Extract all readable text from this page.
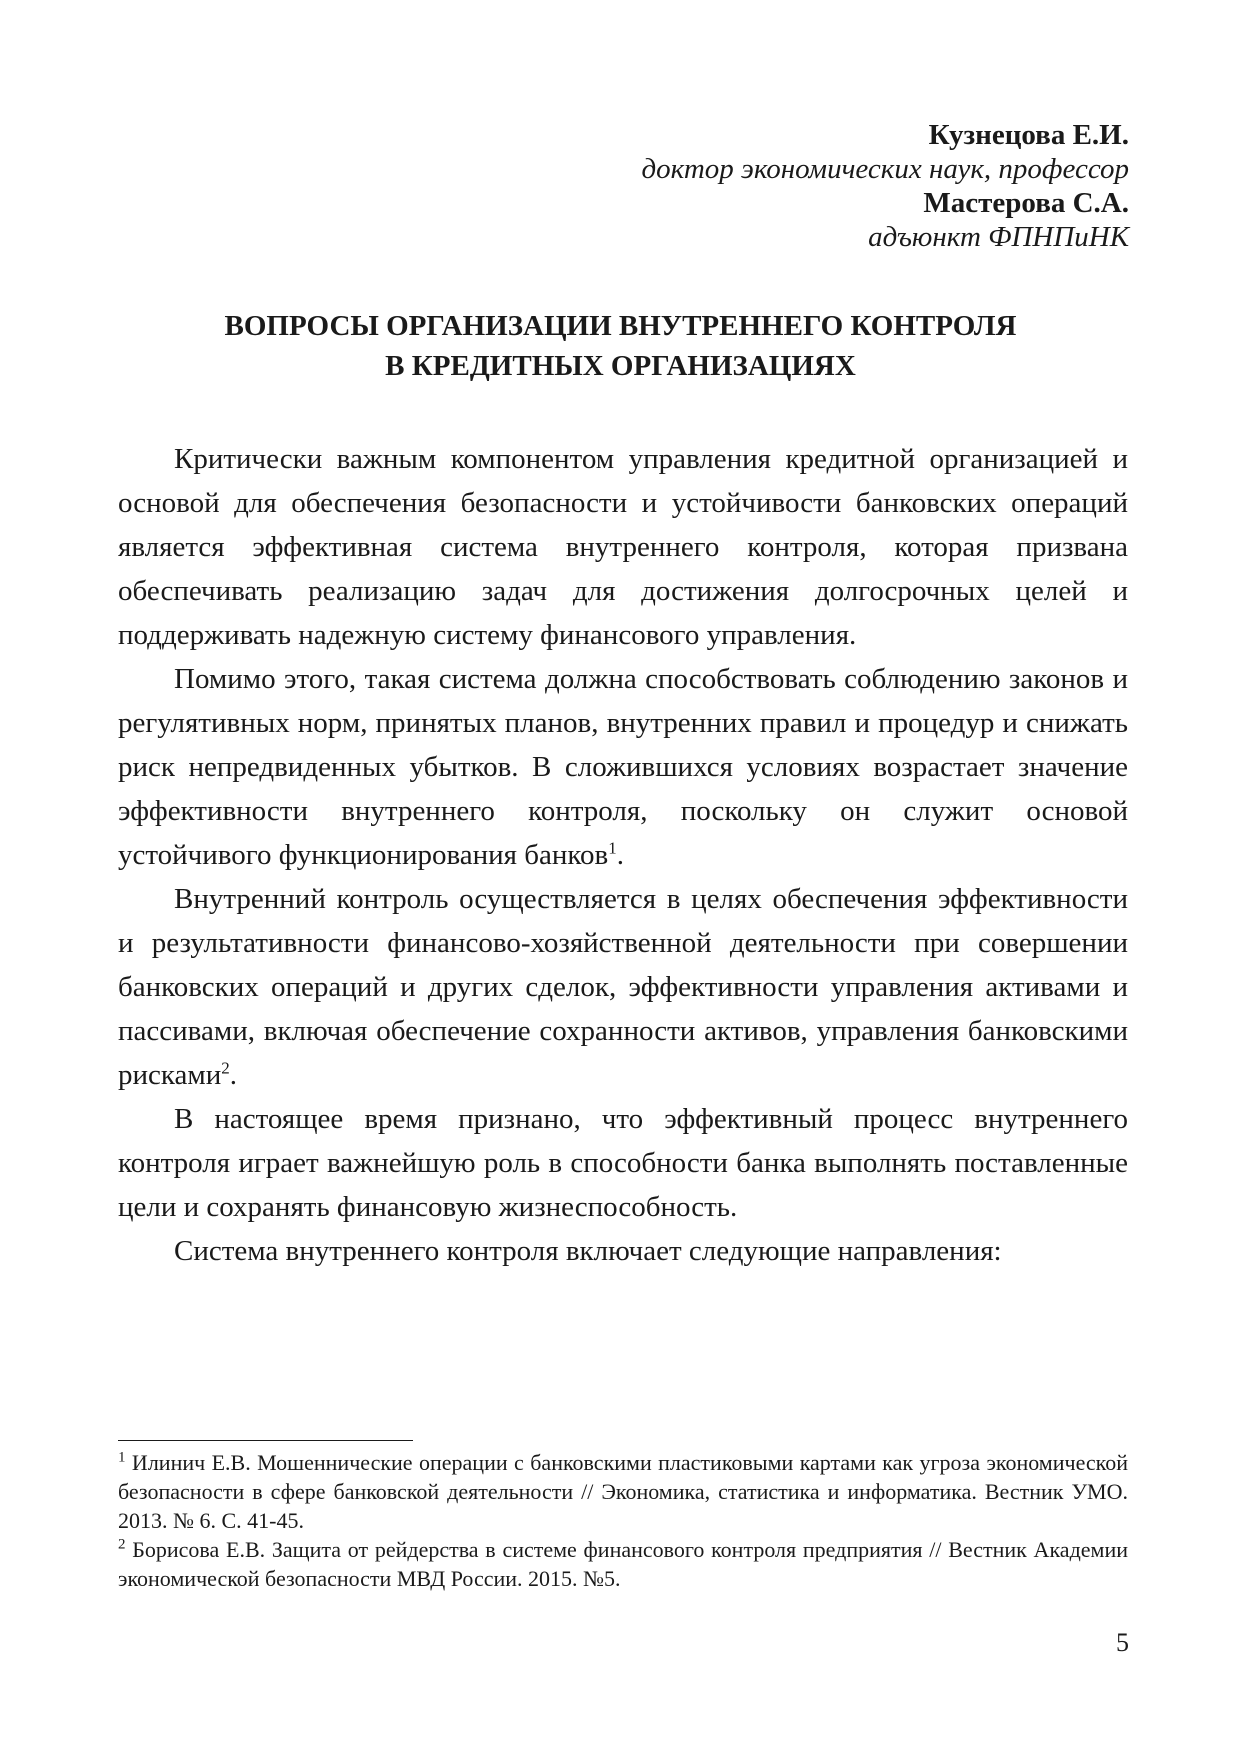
Кузнецова Е.И.
доктор экономических наук, профессор
Мастерова С.А.
адъюнкт ФПНПиНК
ВОПРОСЫ ОРГАНИЗАЦИИ ВНУТРЕННЕГО КОНТРОЛЯ
В КРЕДИТНЫХ ОРГАНИЗАЦИЯХ

Критически важным компонентом управления кредитной организацией и основой для обеспечения безопасности и устойчивости банковских операций является эффективная система внутреннего контроля, которая призвана обеспечивать реализацию задач для достижения долгосрочных целей и поддерживать надежную систему финансового управления.

Помимо этого, такая система должна способствовать соблюдению законов и регулятивных норм, принятых планов, внутренних правил и процедур и снижать риск непредвиденных убытков. В сложившихся условиях возрастает значение эффективности внутреннего контроля, поскольку он служит основой устойчивого функционирования банков$^1$.

Внутренний контроль осуществляется в целях обеспечения эффективности и результативности финансово-хозяйственной деятельности при совершении банковских операций и других сделок, эффективности управления активами и пассивами, включая обеспечение сохранности активов, управления банковскими рисками$^2$.

В настоящее время признано, что эффективный процесс внутреннего контроля играет важнейшую роль в способности банка выполнять поставленные цели и сохранять финансовую жизнеспособность.

Система внутреннего контроля включает следующие направления:

$^1$ Илинич Е.В. Мошеннические операции с банковскими пластиковыми картами как угроза экономической безопасности в сфере банковской деятельности // Экономика, статистика и информатика. Вестник УМО. 2013. № 6. С. 41-45.

$^2$ Борисова Е.В. Защита от рейдерства в системе финансового контроля предприятия // Вестник Академии экономической безопасности МВД России. 2015. №5.

5
